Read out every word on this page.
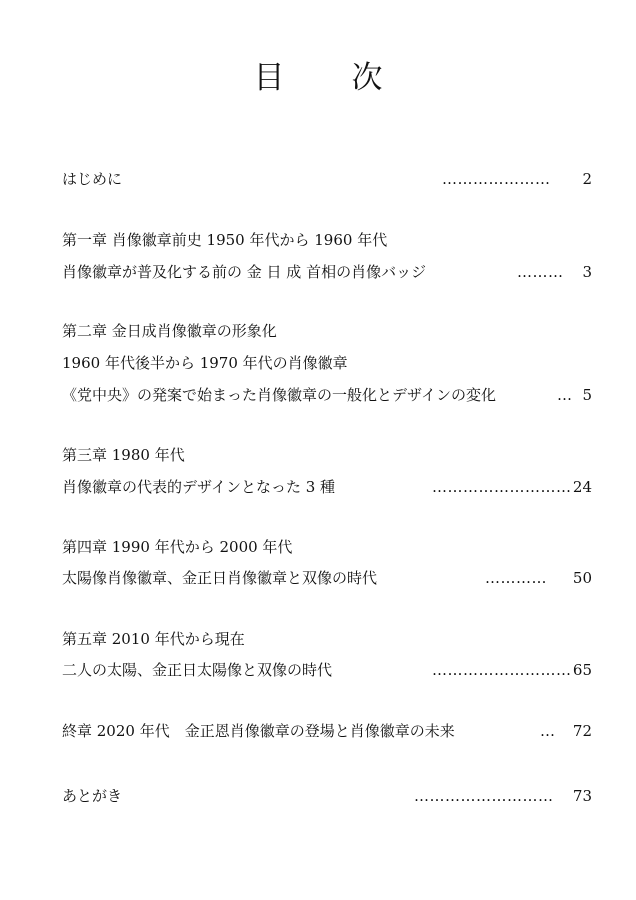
目　次
はじめに	………………… 2
第一章 肖像徽章前史 1950 年代から 1960 年代
肖像徽章が普及化する前の 金 日 成 首相の肖像バッジ	……… 3
第二章 金日成肖像徽章の形象化
1960 年代後半から 1970 年代の肖像徽章
《党中央》の発案で始まった肖像徽章の一般化とデザインの変化	… 5
第三章 1980 年代
肖像徽章の代表的デザインとなった 3 種	……………………… 24
第四章 1990 年代から 2000 年代
太陽像肖像徽章、金正日肖像徽章と双像の時代	………… 50
第五章 2010 年代から現在
二人の太陽、金正日太陽像と双像の時代	……………………… 65
終章 2020 年代　金正恩肖像徽章の登場と肖像徽章の未来	… 72
あとがき	……………………… 73
